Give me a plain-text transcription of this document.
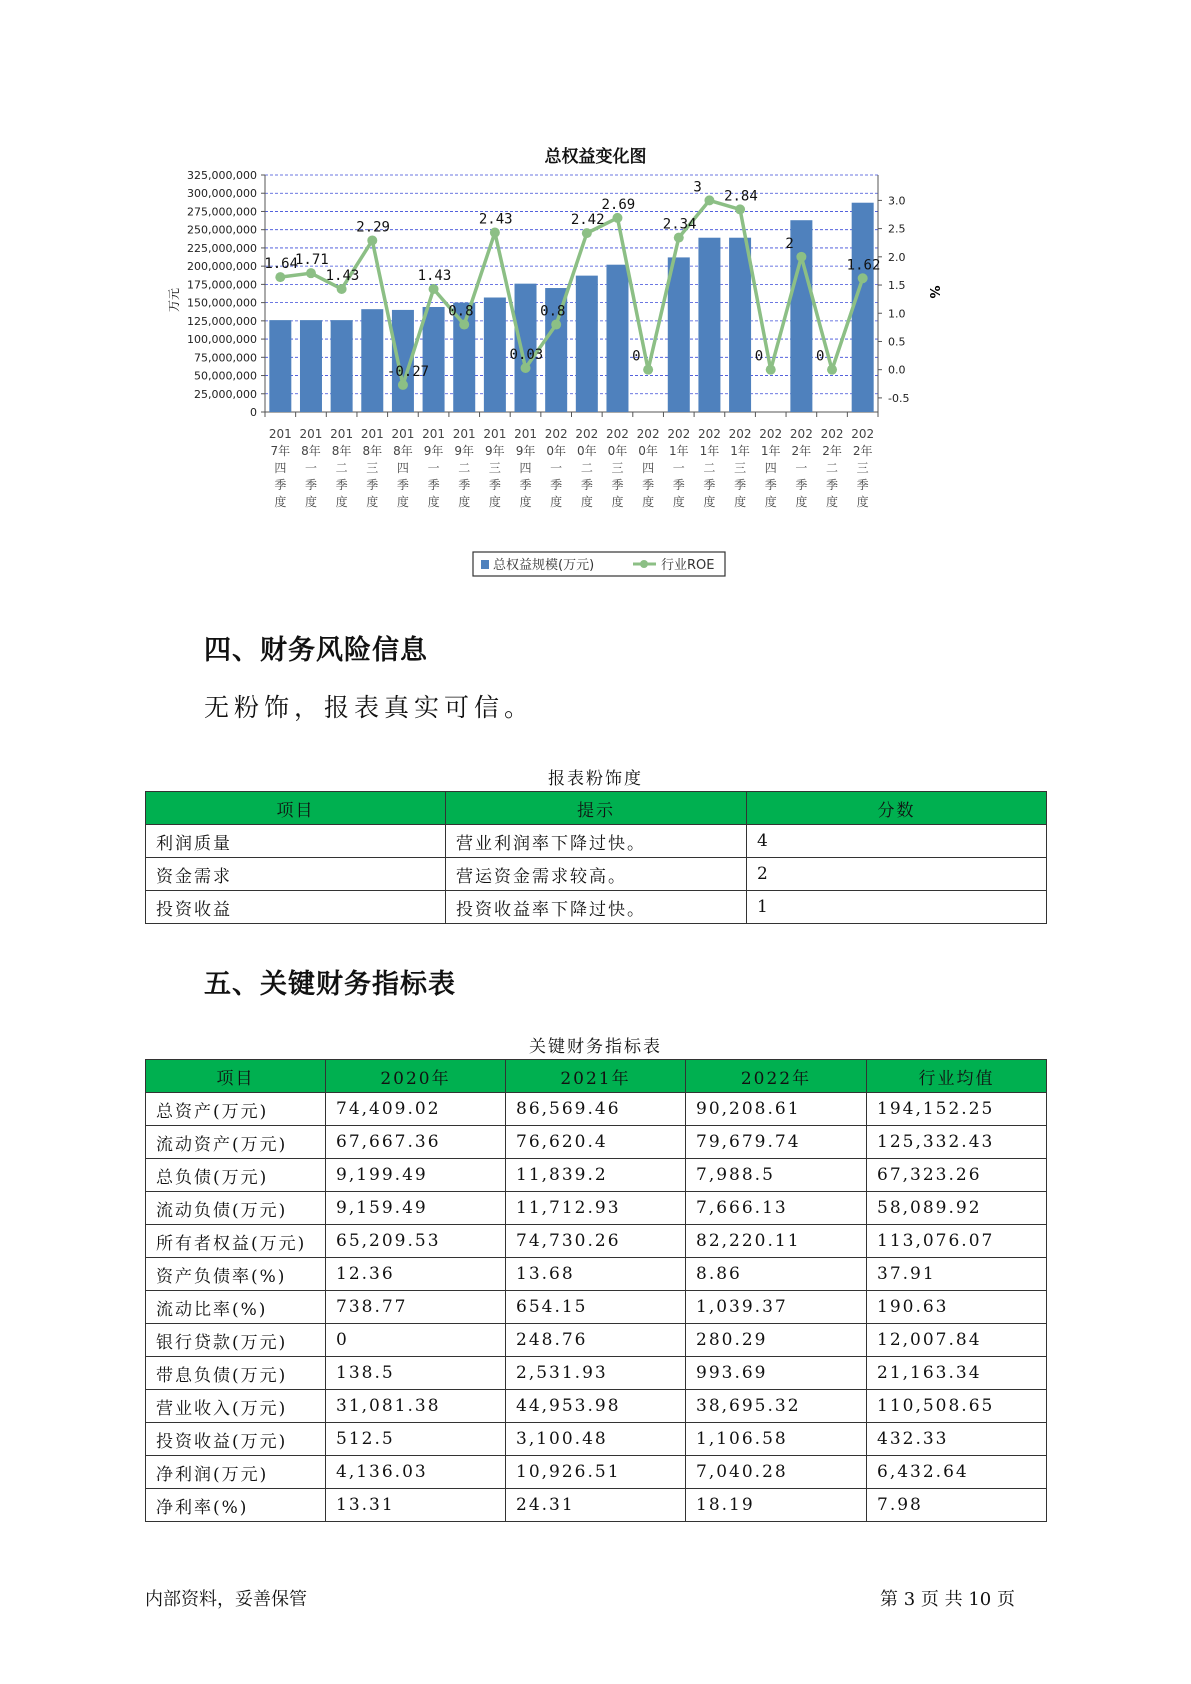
总权益变化图
0
25,000,000
50,000,000
75,000,000
100,000,000
125,000,000
150,000,000
175,000,000
200,000,000
225,000,000
250,000,000
275,000,000
300,000,000
325,000,000
-0.5
0.0
0.5
1.0
1.5
2.0
2.5
3.0
万元	%
1.64
1.71
1.43
2.29
-0.27
1.43
0.8
2.43
0.03
0.8
2.42
2.69
0
2.34
3
2.84
0
2
0
1.62
201
7年
四
季
度
201
8年
一
季
度
201
8年
二
季
度
201
8年
三
季
度
201
8年
四
季
度
201
9年
一
季
度
201
9年
二
季
度
201
9年
三
季
度
201
9年
四
季
度
202
0年
一
季
度
202
0年
二
季
度
202
0年
三
季
度
202
0年
四
季
度
202
1年
一
季
度
202
1年
二
季
度
202
1年
三
季
度
202
1年
四
季
度
202
2年
一
季
度
202
2年
二
季
度
202
2年
三
季
度
总权益规模(万元)	行业ROE
四、财务风险信息
无粉饰，报表真实可信。
报表粉饰度
项目	提示	分数
利润质量	营业利润率下降过快。	4
资金需求	营运资金需求较高。	2
投资收益	投资收益率下降过快。	1
五、关键财务指标表
关键财务指标表
项目	2020年	2021年	2022年	行业均值
总资产(万元)	74,409.02	86,569.46	90,208.61	194,152.25
流动资产(万元)	67,667.36	76,620.4	79,679.74	125,332.43
总负债(万元)	9,199.49	11,839.2	7,988.5	67,323.26
流动负债(万元)	9,159.49	11,712.93	7,666.13	58,089.92
所有者权益(万元)	65,209.53	74,730.26	82,220.11	113,076.07
资产负债率(%)	12.36	13.68	8.86	37.91
流动比率(%)	738.77	654.15	1,039.37	190.63
银行贷款(万元)	0	248.76	280.29	12,007.84
带息负债(万元)	138.5	2,531.93	993.69	21,163.34
营业收入(万元)	31,081.38	44,953.98	38,695.32	110,508.65
投资收益(万元)	512.5	3,100.48	1,106.58	432.33
净利润(万元)	4,136.03	10,926.51	7,040.28	6,432.64
净利率(%)	13.31	24.31	18.19	7.98
内部资料，妥善保管	第 3 页 共 10 页
